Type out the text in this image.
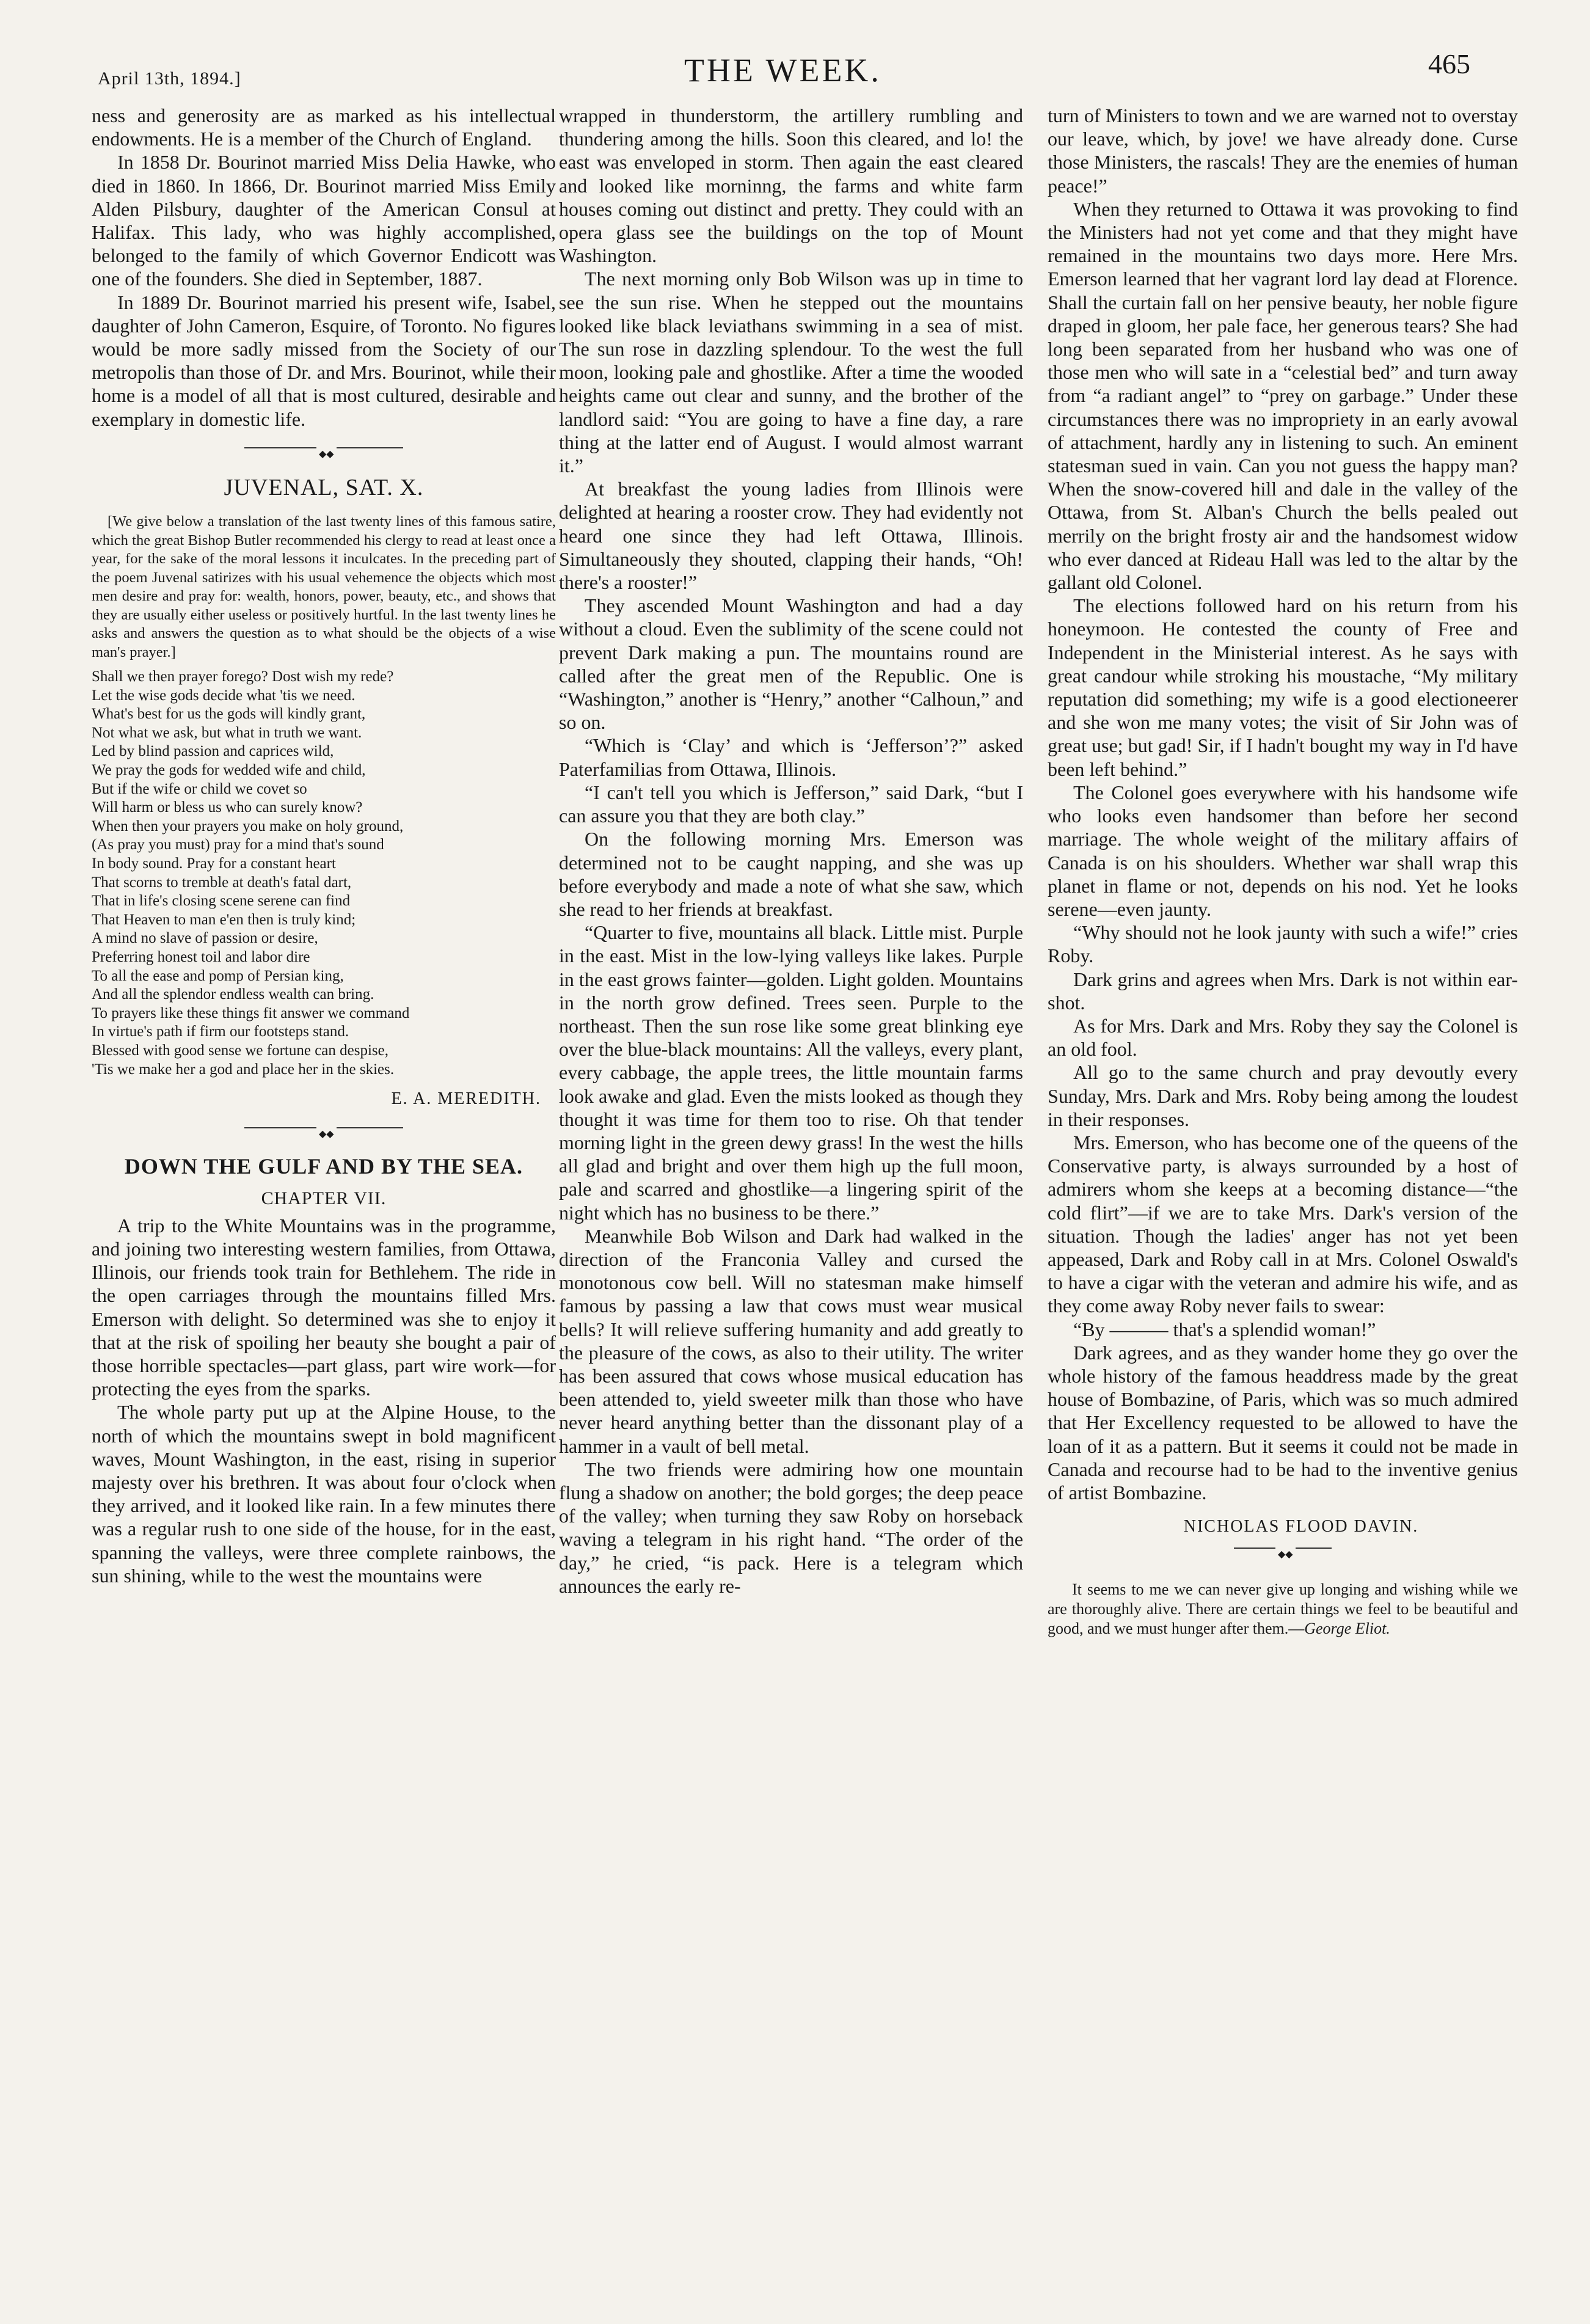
April 13th, 1894.]	THE WEEK.	465

ness and generosity are as marked as his intellectual endowments. He is a member of the Church of England.

In 1858 Dr. Bourinot married Miss Delia Hawke, who died in 1860. In 1866, Dr. Bourinot married Miss Emily Alden Pilsbury, daughter of the American Consul at Halifax. This lady, who was highly accomplished, belonged to the family of which Governor Endicott was one of the founders. She died in September, 1887.

In 1889 Dr. Bourinot married his present wife, Isabel, daughter of John Cameron, Esquire, of Toronto. No figures would be more sadly missed from the Society of our metropolis than those of Dr. and Mrs. Bourinot, while their home is a model of all that is most cultured, desirable and exemplary in domestic life.

◆◆
JUVENAL, SAT. X.

[We give below a translation of the last twenty lines of this famous satire, which the great Bishop Butler recommended his clergy to read at least once a year, for the sake of the moral lessons it inculcates. In the preceding part of the poem Juvenal satirizes with his usual vehemence the objects which most men desire and pray for: wealth, honors, power, beauty, etc., and shows that they are usually either useless or positively hurtful. In the last twenty lines he asks and answers the question as to what should be the objects of a wise man's prayer.]

Shall we then prayer forego? Dost wish my rede?
Let the wise gods decide what 'tis we need.
What's best for us the gods will kindly grant,
Not what we ask, but what in truth we want.
Led by blind passion and caprices wild,
We pray the gods for wedded wife and child,
But if the wife or child we covet so
Will harm or bless us who can surely know?
When then your prayers you make on holy ground,
(As pray you must) pray for a mind that's sound
In body sound. Pray for a constant heart
That scorns to tremble at death's fatal dart,
That in life's closing scene serene can find
That Heaven to man e'en then is truly kind;
A mind no slave of passion or desire,
Preferring honest toil and labor dire
To all the ease and pomp of Persian king,
And all the splendor endless wealth can bring.
To prayers like these things fit answer we command
In virtue's path if firm our footsteps stand.
Blessed with good sense we fortune can despise,
'Tis we make her a god and place her in the skies.
E. A. MEREDITH.
◆◆
DOWN THE GULF AND BY THE SEA.
CHAPTER VII.

A trip to the White Mountains was in the programme, and joining two interesting western families, from Ottawa, Illinois, our friends took train for Bethlehem. The ride in the open carriages through the mountains filled Mrs. Emerson with delight. So determined was she to enjoy it that at the risk of spoiling her beauty she bought a pair of those horrible spectacles—part glass, part wire work—for protecting the eyes from the sparks.

The whole party put up at the Alpine House, to the north of which the mountains swept in bold magnificent waves, Mount Washington, in the east, rising in superior majesty over his brethren. It was about four o'clock when they arrived, and it looked like rain. In a few minutes there was a regular rush to one side of the house, for in the east, spanning the valleys, were three complete rainbows, the sun shining, while to the west the mountains were

wrapped in thunderstorm, the artillery rumbling and thundering among the hills. Soon this cleared, and lo! the east was enveloped in storm. Then again the east cleared and looked like morninng, the farms and white farm houses coming out distinct and pretty. They could with an opera glass see the buildings on the top of Mount Washington.

The next morning only Bob Wilson was up in time to see the sun rise. When he stepped out the mountains looked like black leviathans swimming in a sea of mist. The sun rose in dazzling splendour. To the west the full moon, looking pale and ghostlike. After a time the wooded heights came out clear and sunny, and the brother of the landlord said: “You are going to have a fine day, a rare thing at the latter end of August. I would almost warrant it.”

At breakfast the young ladies from Illinois were delighted at hearing a rooster crow. They had evidently not heard one since they had left Ottawa, Illinois. Simultaneously they shouted, clapping their hands, “Oh! there's a rooster!”

They ascended Mount Washington and had a day without a cloud. Even the sublimity of the scene could not prevent Dark making a pun. The mountains round are called after the great men of the Republic. One is “Washington,” another is “Henry,” another “Calhoun,” and so on.

“Which is ‘Clay’ and which is ‘Jefferson’?” asked Paterfamilias from Ottawa, Illinois.

“I can't tell you which is Jefferson,” said Dark, “but I can assure you that they are both clay.”

On the following morning Mrs. Emerson was determined not to be caught napping, and she was up before everybody and made a note of what she saw, which she read to her friends at breakfast.

“Quarter to five, mountains all black. Little mist. Purple in the east. Mist in the low-lying valleys like lakes. Purple in the east grows fainter—golden. Light golden. Mountains in the north grow defined. Trees seen. Purple to the northeast. Then the sun rose like some great blinking eye over the blue-black mountains: All the valleys, every plant, every cabbage, the apple trees, the little mountain farms look awake and glad. Even the mists looked as though they thought it was time for them too to rise. Oh that tender morning light in the green dewy grass! In the west the hills all glad and bright and over them high up the full moon, pale and scarred and ghostlike—a lingering spirit of the night which has no business to be there.”

Meanwhile Bob Wilson and Dark had walked in the direction of the Franconia Valley and cursed the monotonous cow bell. Will no statesman make himself famous by passing a law that cows must wear musical bells? It will relieve suffering humanity and add greatly to the pleasure of the cows, as also to their utility. The writer has been assured that cows whose musical education has been attended to, yield sweeter milk than those who have never heard anything better than the dissonant play of a hammer in a vault of bell metal.

The two friends were admiring how one mountain flung a shadow on another; the bold gorges; the deep peace of the valley; when turning they saw Roby on horseback waving a telegram in his right hand. “The order of the day,” he cried, “is pack. Here is a telegram which announces the early re-

turn of Ministers to town and we are warned not to overstay our leave, which, by jove! we have already done. Curse those Ministers, the rascals! They are the enemies of human peace!”

When they returned to Ottawa it was provoking to find the Ministers had not yet come and that they might have remained in the mountains two days more. Here Mrs. Emerson learned that her vagrant lord lay dead at Florence. Shall the curtain fall on her pensive beauty, her noble figure draped in gloom, her pale face, her generous tears? She had long been separated from her husband who was one of those men who will sate in a “celestial bed” and turn away from “a radiant angel” to “prey on garbage.” Under these circumstances there was no impropriety in an early avowal of attachment, hardly any in listening to such. An eminent statesman sued in vain. Can you not guess the happy man? When the snow-covered hill and dale in the valley of the Ottawa, from St. Alban's Church the bells pealed out merrily on the bright frosty air and the handsomest widow who ever danced at Rideau Hall was led to the altar by the gallant old Colonel.

The elections followed hard on his return from his honeymoon. He contested the county of Free and Independent in the Ministerial interest. As he says with great candour while stroking his moustache, “My military reputation did something; my wife is a good electioneerer and she won me many votes; the visit of Sir John was of great use; but gad! Sir, if I hadn't bought my way in I'd have been left behind.”

The Colonel goes everywhere with his handsome wife who looks even handsomer than before her second marriage. The whole weight of the military affairs of Canada is on his shoulders. Whether war shall wrap this planet in flame or not, depends on his nod. Yet he looks serene—even jaunty.

“Why should not he look jaunty with such a wife!” cries Roby.

Dark grins and agrees when Mrs. Dark is not within ear-shot.

As for Mrs. Dark and Mrs. Roby they say the Colonel is an old fool.

All go to the same church and pray devoutly every Sunday, Mrs. Dark and Mrs. Roby being among the loudest in their responses.

Mrs. Emerson, who has become one of the queens of the Conservative party, is always surrounded by a host of admirers whom she keeps at a becoming distance—“the cold flirt”—if we are to take Mrs. Dark's version of the situation. Though the ladies' anger has not yet been appeased, Dark and Roby call in at Mrs. Colonel Oswald's to have a cigar with the veteran and admire his wife, and as they come away Roby never fails to swear:

“By ——— that's a splendid woman!”

Dark agrees, and as they wander home they go over the whole history of the famous headdress made by the great house of Bombazine, of Paris, which was so much admired that Her Excellency requested to be allowed to have the loan of it as a pattern. But it seems it could not be made in Canada and recourse had to be had to the inventive genius of artist Bombazine.

NICHOLAS FLOOD DAVIN.
◆◆

It seems to me we can never give up longing and wishing while we are thoroughly alive. There are certain things we feel to be beautiful and good, and we must hunger after them.—George Eliot.
